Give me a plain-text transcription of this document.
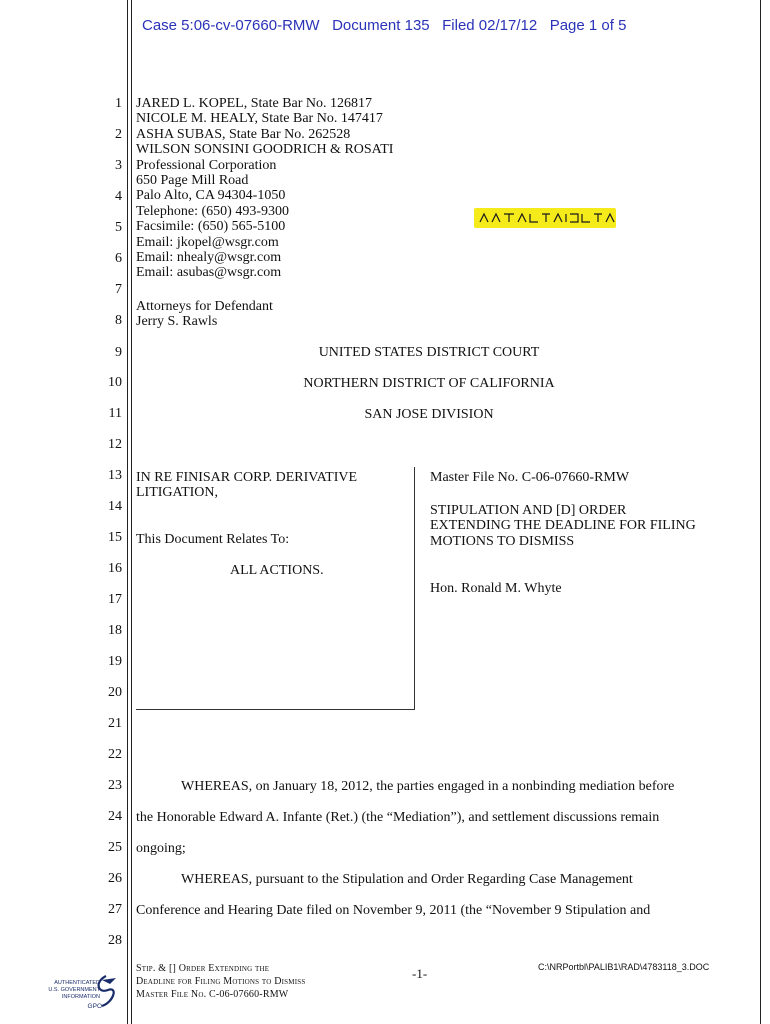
Case 5:06-cv-07660-RMW   Document 135   Filed 02/17/12   Page 1 of 5
1
2
3
4
5
6
7
8
9
10
11
12
13
14
15
16
17
18
19
20
21
22
23
24
25
26
27
28
JARED L. KOPEL, State Bar No. 126817
NICOLE M. HEALY, State Bar No. 147417
ASHA SUBAS, State Bar No. 262528
WILSON SONSINI GOODRICH & ROSATI
Professional Corporation
650 Page Mill Road
Palo Alto, CA 94304-1050
Telephone: (650) 493-9300
Facsimile: (650) 565-5100
Email: jkopel@wsgr.com
Email: nhealy@wsgr.com
Email: asubas@wsgr.com
Attorneys for Defendant
Jerry S. Rawls
UNITED STATES DISTRICT COURT
NORTHERN DISTRICT OF CALIFORNIA
SAN JOSE DIVISION
IN RE FINISAR CORP. DERIVATIVE
LITIGATION,
This Document Relates To:
ALL ACTIONS.
Master File No. C-06-07660-RMW
STIPULATION AND [D] ORDER
EXTENDING THE DEADLINE FOR FILING
MOTIONS TO DISMISS
Hon. Ronald M. Whyte
WHEREAS, on January 18, 2012, the parties engaged in a nonbinding mediation before
the Honorable Edward A. Infante (Ret.) (the “Mediation”), and settlement discussions remain
ongoing;
WHEREAS, pursuant to the Stipulation and Order Regarding Case Management
Conference and Hearing Date filed on November 9, 2011 (the “November 9 Stipulation and
Stip. & [] Order Extending the
Deadline for Filing Motions to Dismiss
Master File No. C-06-07660-RMW
-1-	C:\NRPortbl\PALIB1\RAD\4783118_3.DOC
AUTHENTICATED
U.S. GOVERNMENT
INFORMATION
GPO
